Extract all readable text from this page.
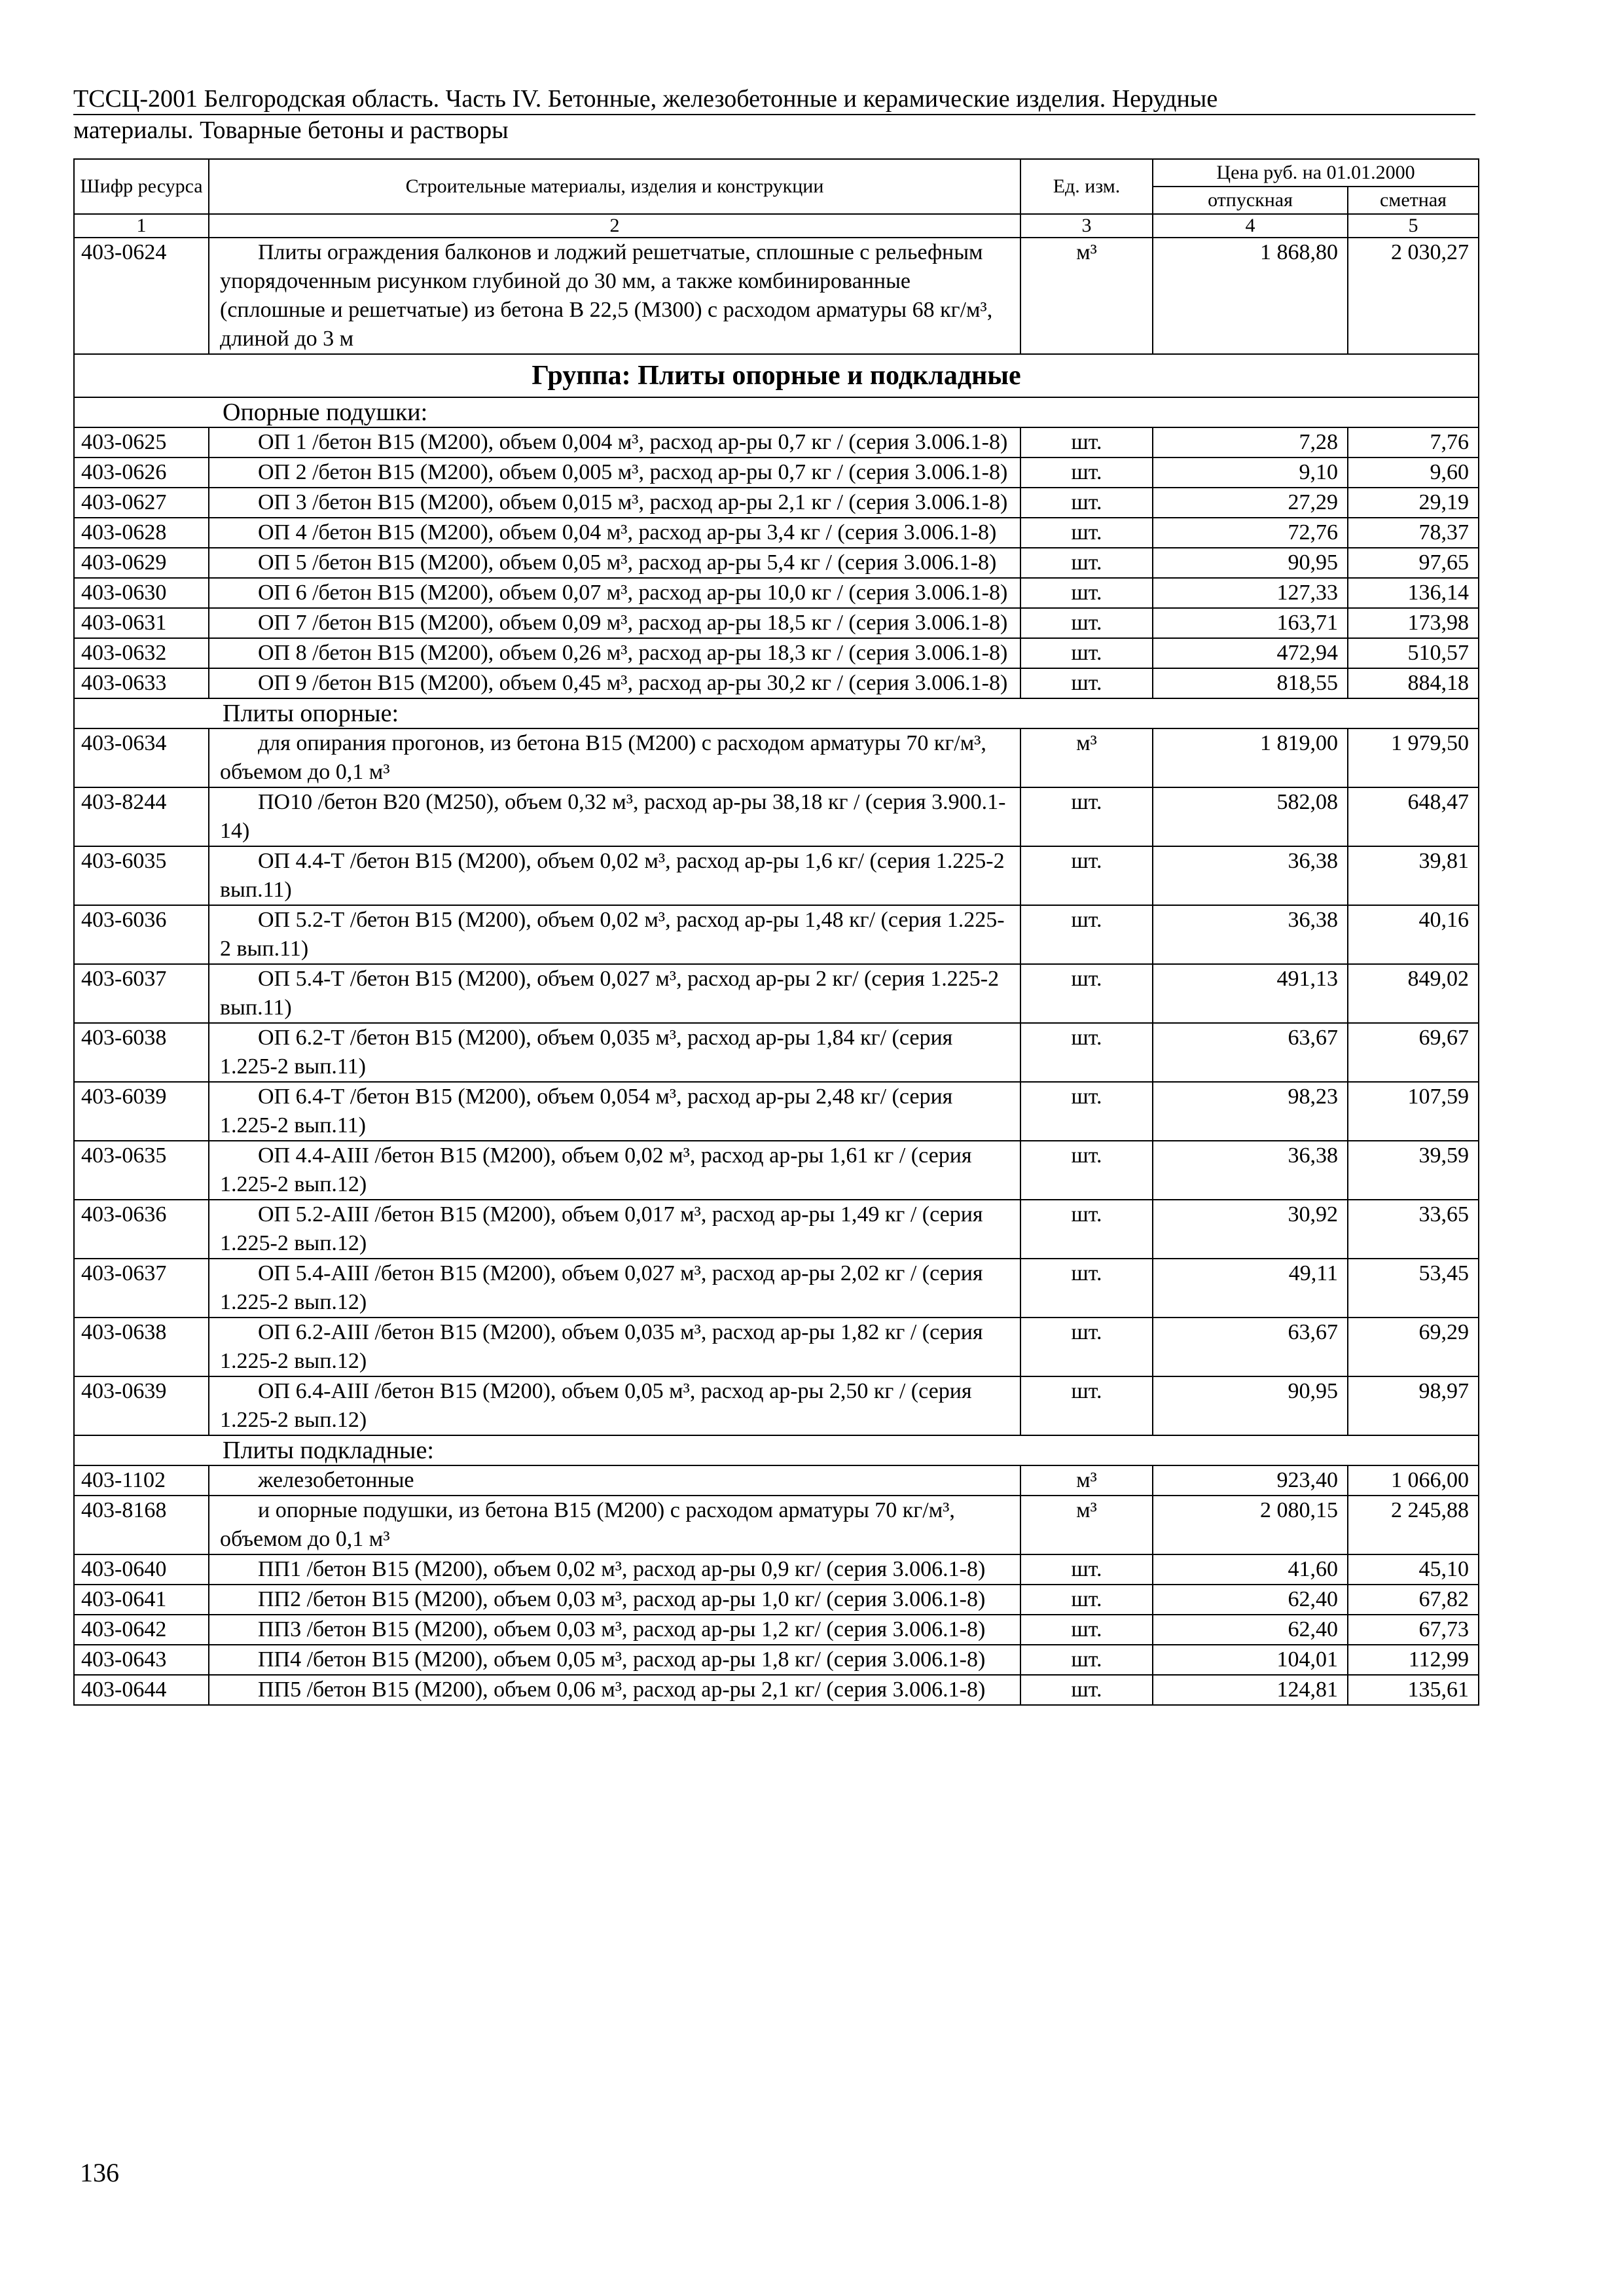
ТССЦ-2001 Белгородская область. Часть IV. Бетонные, железобетонные и керамические изделия. Нерудные
материалы. Товарные бетоны и растворы
Шифр ресурса	Строительные материалы, изделия и конструкции	Ед. изм.	Цена руб. на 01.01.2000	
			отпускная	сметная
1	2	3	4	5
403-0624	Плиты ограждения балконов и лоджий решетчатые, сплошные с рельефным упорядоченным рисунком глубиной до 30 мм, а также комбинированные (сплошные и решетчатые) из бетона В 22,5 (М300) с расходом арматуры 68 кг/м³, длиной до 3 м	м³	1 868,80	2 030,27
Группа: Плиты опорные и подкладные				
Опорные подушки:				
403-0625	ОП 1 /бетон В15 (М200), объем 0,004 м³, расход ар-ры 0,7 кг / (серия 3.006.1-8)	шт.	7,28	7,76
403-0626	ОП 2 /бетон В15 (М200), объем 0,005 м³, расход ар-ры 0,7 кг / (серия 3.006.1-8)	шт.	9,10	9,60
403-0627	ОП 3 /бетон В15 (М200), объем 0,015 м³, расход ар-ры 2,1 кг / (серия 3.006.1-8)	шт.	27,29	29,19
403-0628	ОП 4 /бетон В15 (М200), объем 0,04 м³, расход ар-ры 3,4 кг / (серия 3.006.1-8)	шт.	72,76	78,37
403-0629	ОП 5 /бетон В15 (М200), объем 0,05 м³, расход ар-ры 5,4 кг / (серия 3.006.1-8)	шт.	90,95	97,65
403-0630	ОП 6 /бетон В15 (М200), объем 0,07 м³, расход ар-ры 10,0 кг / (серия 3.006.1-8)	шт.	127,33	136,14
403-0631	ОП 7 /бетон В15 (М200), объем 0,09 м³, расход ар-ры 18,5 кг / (серия 3.006.1-8)	шт.	163,71	173,98
403-0632	ОП 8 /бетон В15 (М200), объем 0,26 м³, расход ар-ры 18,3 кг / (серия 3.006.1-8)	шт.	472,94	510,57
403-0633	ОП 9 /бетон В15 (М200), объем 0,45 м³, расход ар-ры 30,2 кг / (серия 3.006.1-8)	шт.	818,55	884,18
Плиты опорные:				
403-0634	для опирания прогонов, из бетона В15 (М200) с расходом арматуры 70 кг/м³, объемом до 0,1 м³	м³	1 819,00	1 979,50
403-8244	ПО10 /бетон В20 (М250), объем 0,32 м³, расход ар-ры 38,18 кг / (серия 3.900.1-14)	шт.	582,08	648,47
403-6035	ОП 4.4-Т /бетон В15 (М200), объем 0,02 м³, расход ар-ры 1,6 кг/ (серия 1.225-2 вып.11)	шт.	36,38	39,81
403-6036	ОП 5.2-Т /бетон В15 (М200), объем 0,02 м³, расход ар-ры 1,48 кг/ (серия 1.225-2 вып.11)	шт.	36,38	40,16
403-6037	ОП 5.4-Т /бетон В15 (М200), объем 0,027 м³, расход ар-ры 2 кг/ (серия 1.225-2 вып.11)	шт.	491,13	849,02
403-6038	ОП 6.2-Т /бетон В15 (М200), объем 0,035 м³, расход ар-ры 1,84 кг/ (серия 1.225-2 вып.11)	шт.	63,67	69,67
403-6039	ОП 6.4-Т /бетон В15 (М200), объем 0,054 м³, расход ар-ры 2,48 кг/ (серия 1.225-2 вып.11)	шт.	98,23	107,59
403-0635	ОП 4.4-АIII /бетон В15 (М200), объем 0,02 м³, расход ар-ры 1,61 кг / (серия 1.225-2 вып.12)	шт.	36,38	39,59
403-0636	ОП 5.2-АIII /бетон В15 (М200), объем 0,017 м³, расход ар-ры 1,49 кг / (серия 1.225-2 вып.12)	шт.	30,92	33,65
403-0637	ОП 5.4-АIII /бетон В15 (М200), объем 0,027 м³, расход ар-ры 2,02 кг / (серия 1.225-2 вып.12)	шт.	49,11	53,45
403-0638	ОП 6.2-АIII /бетон В15 (М200), объем 0,035 м³, расход ар-ры 1,82 кг / (серия 1.225-2 вып.12)	шт.	63,67	69,29
403-0639	ОП 6.4-АIII /бетон В15 (М200), объем 0,05 м³, расход ар-ры 2,50 кг / (серия 1.225-2 вып.12)	шт.	90,95	98,97
Плиты подкладные:				
403-1102	железобетонные	м³	923,40	1 066,00
403-8168	и опорные подушки, из бетона В15 (М200) с расходом арматуры 70 кг/м³, объемом до 0,1 м³	м³	2 080,15	2 245,88
403-0640	ПП1 /бетон В15 (М200), объем 0,02 м³, расход ар-ры 0,9 кг/ (серия 3.006.1-8)	шт.	41,60	45,10
403-0641	ПП2 /бетон В15 (М200), объем 0,03 м³, расход ар-ры 1,0 кг/ (серия 3.006.1-8)	шт.	62,40	67,82
403-0642	ПП3 /бетон В15 (М200), объем 0,03 м³, расход ар-ры 1,2 кг/ (серия 3.006.1-8)	шт.	62,40	67,73
403-0643	ПП4 /бетон В15 (М200), объем 0,05 м³, расход ар-ры 1,8 кг/ (серия 3.006.1-8)	шт.	104,01	112,99
403-0644	ПП5 /бетон В15 (М200), объем 0,06 м³, расход ар-ры 2,1 кг/ (серия 3.006.1-8)	шт.	124,81	135,61
136
